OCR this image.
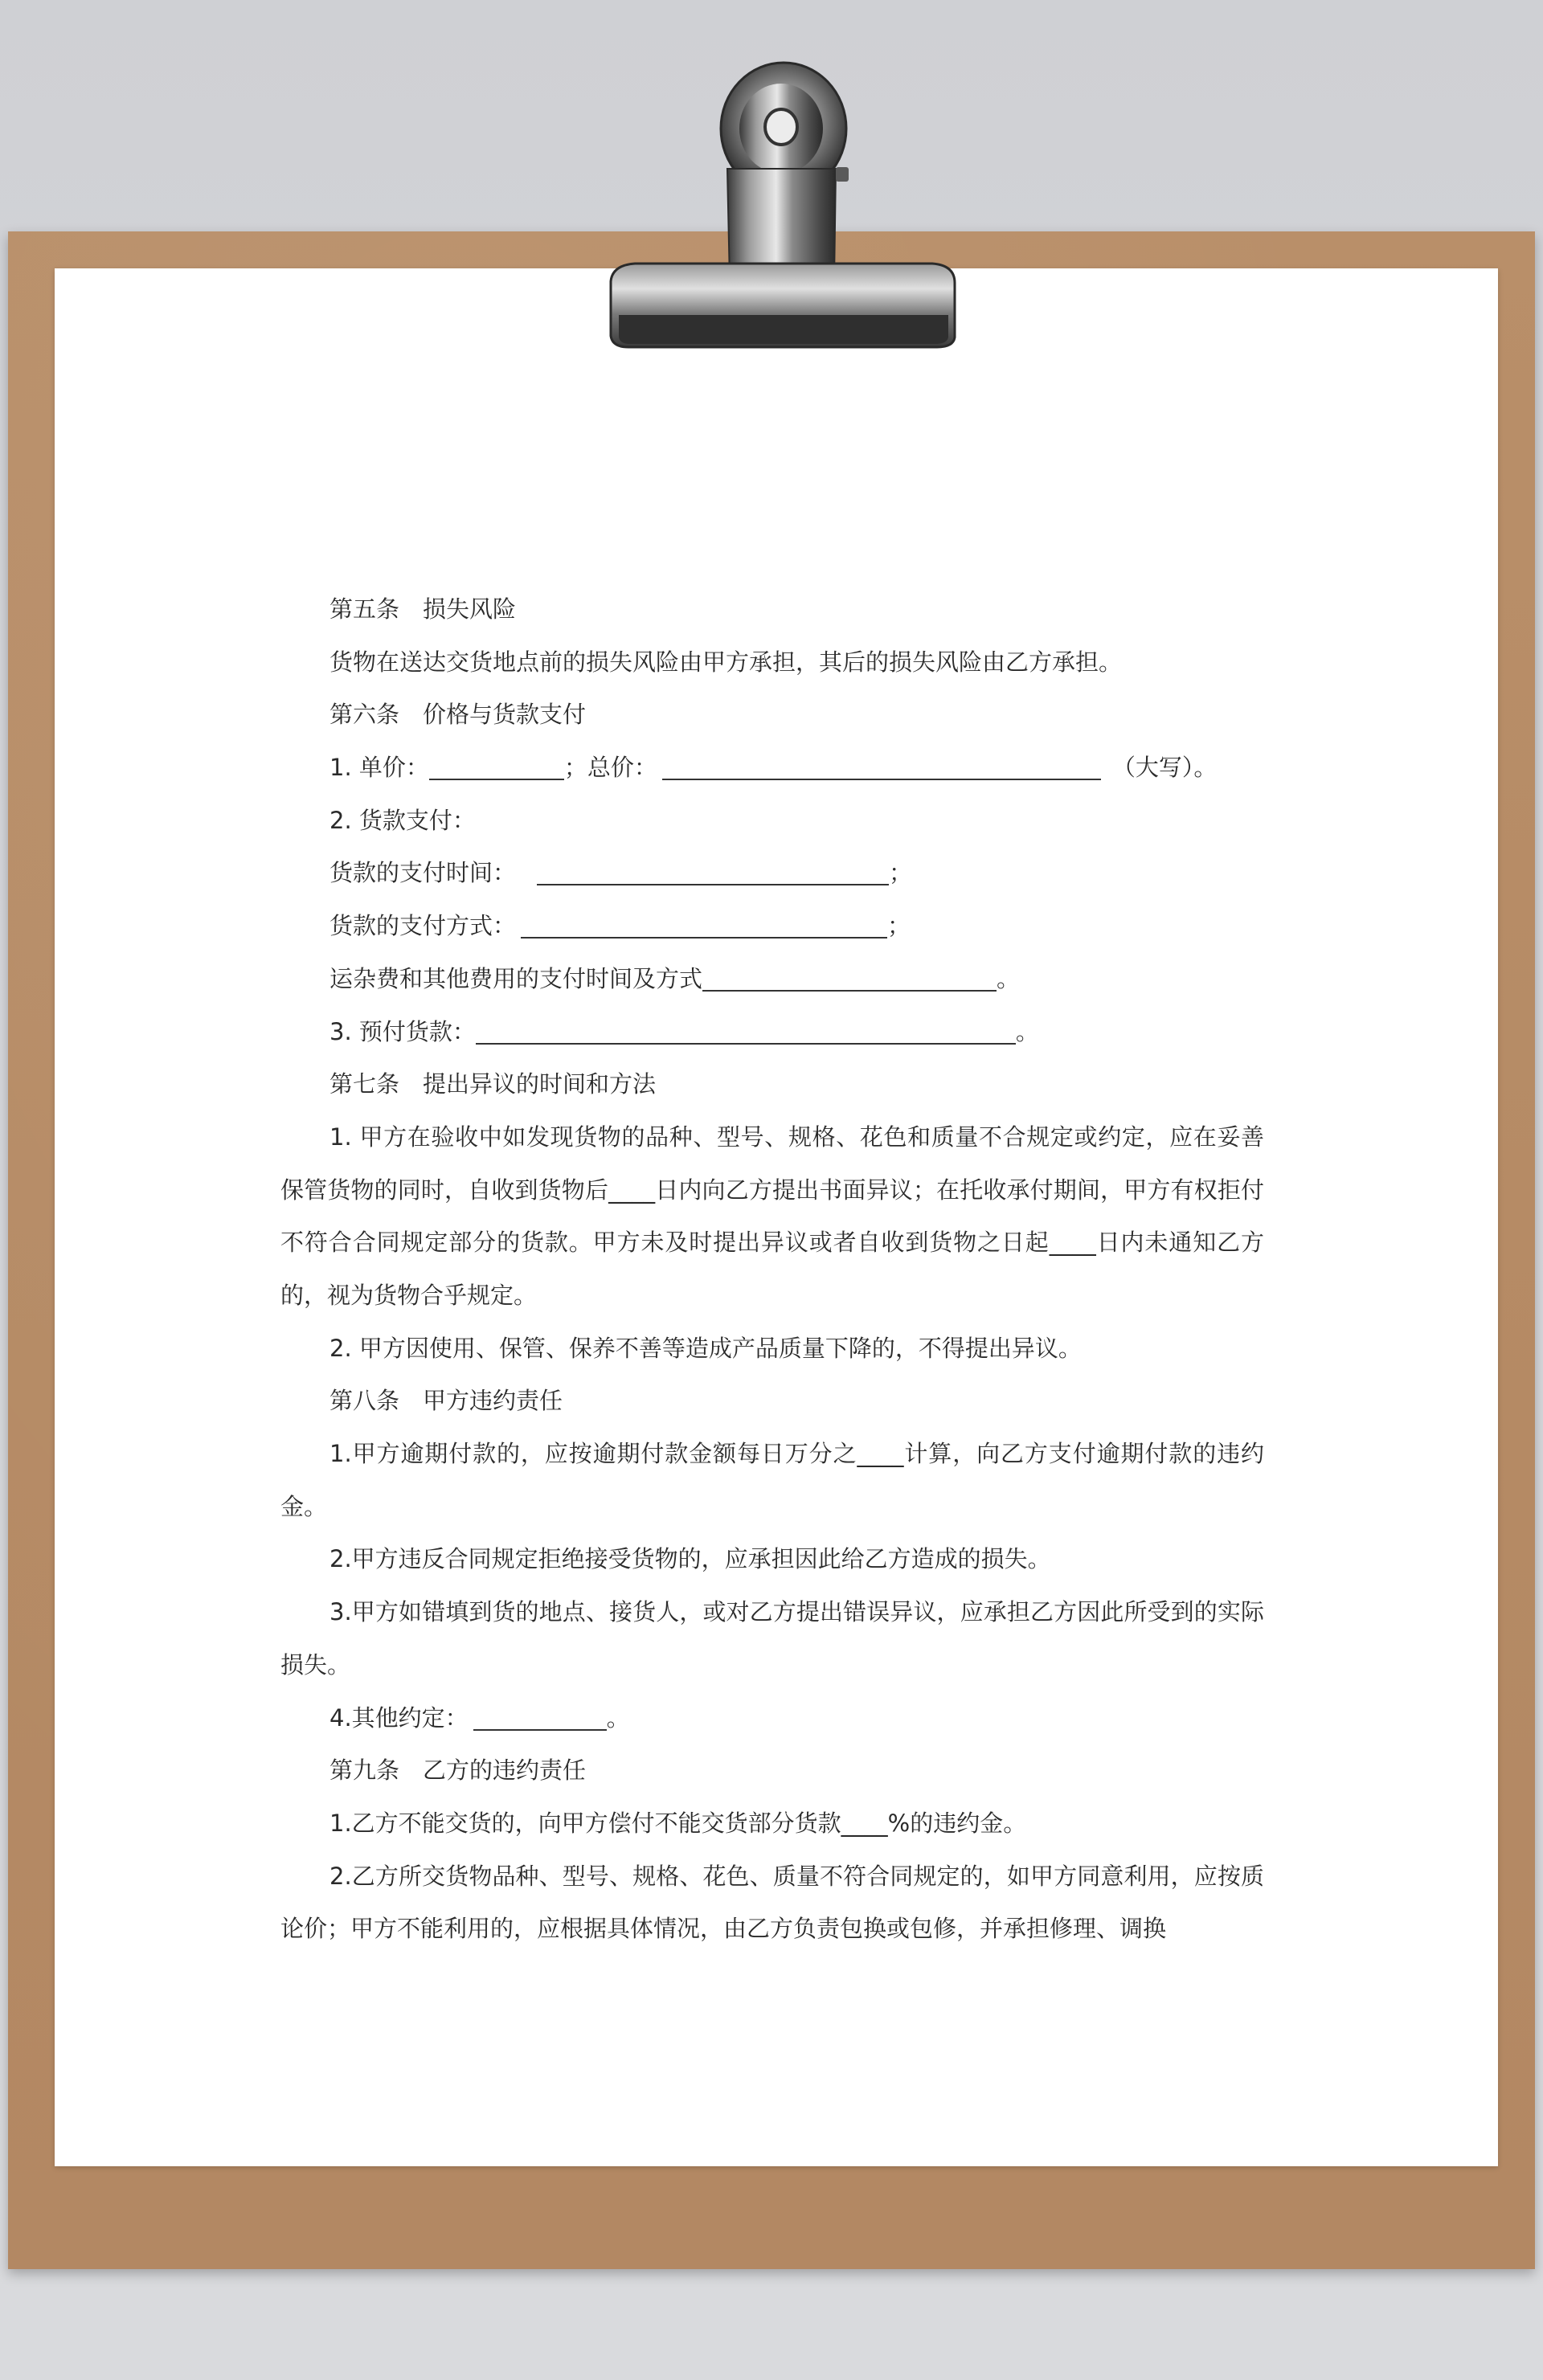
第五条　损失风险
货物在送达交货地点前的损失风险由甲方承担，其后的损失风险由乙方承担。
第六条　价格与货款支付
1. 单价：	；总价：	（大写）。
2. 货款支付：
货款的支付时间：	；
货款的支付方式：	；
运杂费和其他费用的支付时间及方式	。
3. 预付货款：	。
第七条　提出异议的时间和方法

1. 甲方在验收中如发现货物的品种、型号、规格、花色和质量不合规定或约定，应在妥善保管货物的同时，自收到货物后____日内向乙方提出书面异议；在托收承付期间，甲方有权拒付不符合合同规定部分的货款。甲方未及时提出异议或者自收到货物之日起____日内未通知乙方的，视为货物合乎规定。

2. 甲方因使用、保管、保养不善等造成产品质量下降的，不得提出异议。

第八条　甲方违约责任

1.甲方逾期付款的，应按逾期付款金额每日万分之____计算，向乙方支付逾期付款的违约金。

2.甲方违反合同规定拒绝接受货物的，应承担因此给乙方造成的损失。

3.甲方如错填到货的地点、接货人，或对乙方提出错误异议，应承担乙方因此所受到的实际损失。

4.其他约定：	。
第九条　乙方的违约责任

1.乙方不能交货的，向甲方偿付不能交货部分货款____%的违约金。

2.乙方所交货物品种、型号、规格、花色、质量不符合同规定的，如甲方同意利用，应按质论价；甲方不能利用的，应根据具体情况，由乙方负责包换或包修，并承担修理、调换
